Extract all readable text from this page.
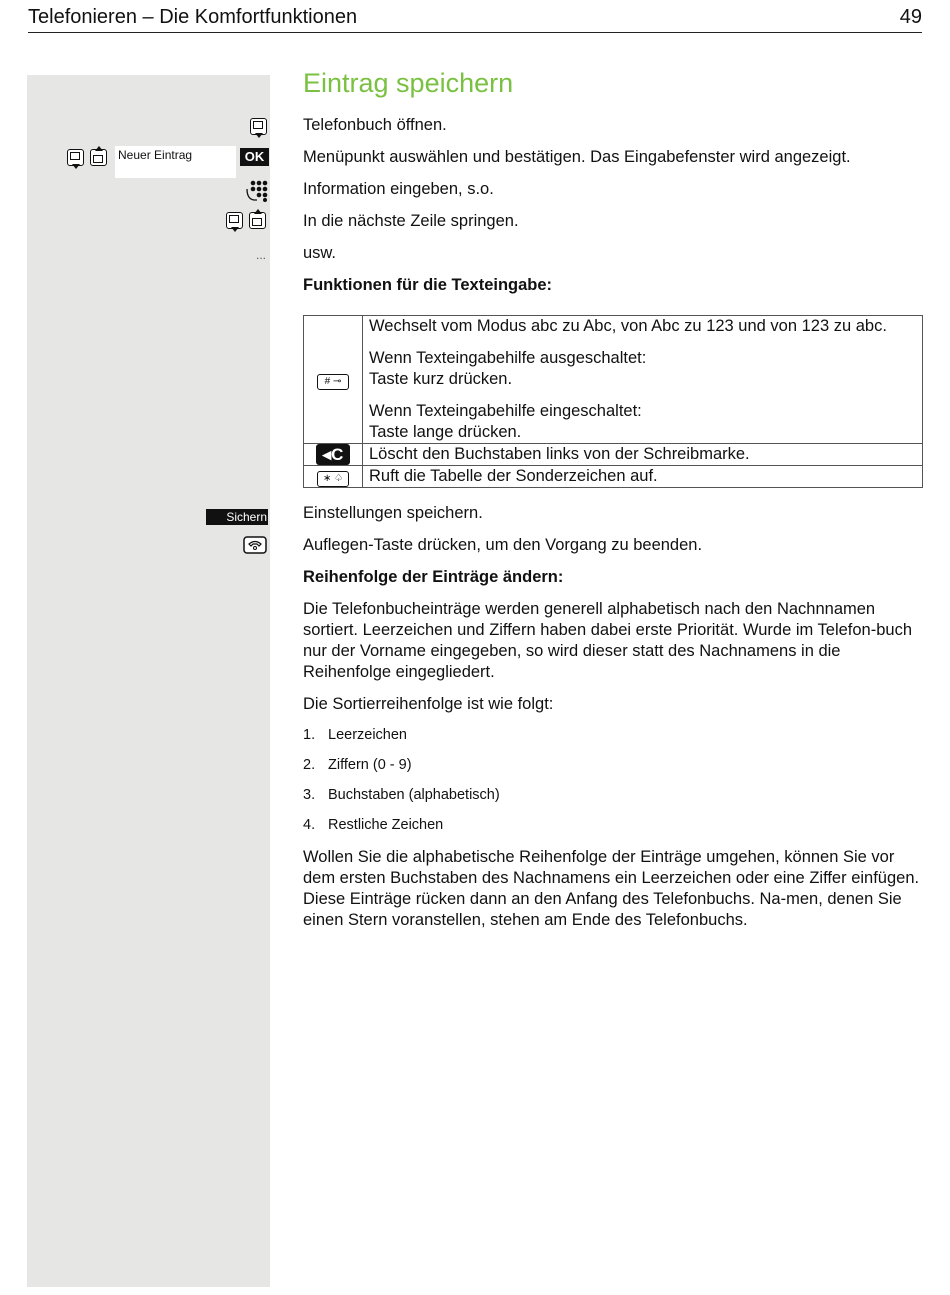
Telefonieren – Die Komfortfunktionen	49
Eintrag speichern
Telefonbuch öffnen.
Neuer Eintrag	OK Menüpunkt auswählen und bestätigen. Das Eingabefenster wird angezeigt.
Information eingeben, s.o.
In die nächste Zeile springen.
... usw.
Funktionen für die Texteingabe:
# ⊸	Wechselt vom Modus abc zu Abc, von Abc zu 123 und von 123 zu abc.
Wenn Texteingabehilfe ausgeschaltet:
Taste kurz drücken.
Wenn Texteingabehilfe eingeschaltet:
Taste lange drücken.

◂C	Löscht den Buchstaben links von der Schreibmarke.
∗ ♤	Ruft die Tabelle der Sonderzeichen auf.
Sichern Einstellungen speichern.
Auflegen-Taste drücken, um den Vorgang zu beenden.
Reihenfolge der Einträge ändern:
Die Telefonbucheinträge werden generell alphabetisch nach den Nachnnamen sortiert. Leerzeichen und Ziffern haben dabei erste Priorität. Wurde im Telefon-buch nur der Vorname eingegeben, so wird dieser statt des Nachnamens in die Reihenfolge eingegliedert.
Die Sortierreihenfolge ist wie folgt:
1. Leerzeichen
2. Ziffern (0 - 9)
3. Buchstaben (alphabetisch)
4. Restliche Zeichen
Wollen Sie die alphabetische Reihenfolge der Einträge umgehen, können Sie vor dem ersten Buchstaben des Nachnamens ein Leerzeichen oder eine Ziffer einfügen. Diese Einträge rücken dann an den Anfang des Telefonbuchs. Na-men, denen Sie einen Stern voranstellen, stehen am Ende des Telefonbuchs.
